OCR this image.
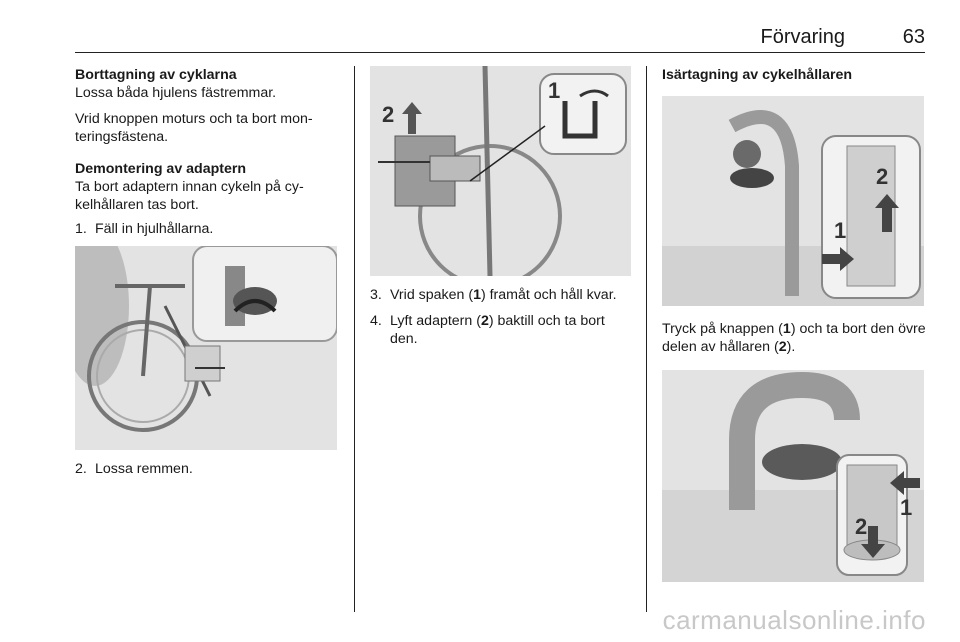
Förvaring	63
Borttagning av cyklarna

Lossa båda hjulens fästremmar.

Vrid knoppen moturs och ta bort mon-teringsfästena.

Demontering av adaptern

Ta bort adaptern innan cykeln på cy-kelhållaren tas bort.

1. Fäll in hjulhållarna.
2. Lossa remmen.
1
2
3. Vrid spaken (1) framåt och håll kvar.
4. Lyft adaptern (2) baktill och ta bort den.
Isärtagning av cykelhållaren
2
1

Tryck på knappen (1) och ta bort den övre delen av hållaren (2).

1
2
carmanualsonline.info
